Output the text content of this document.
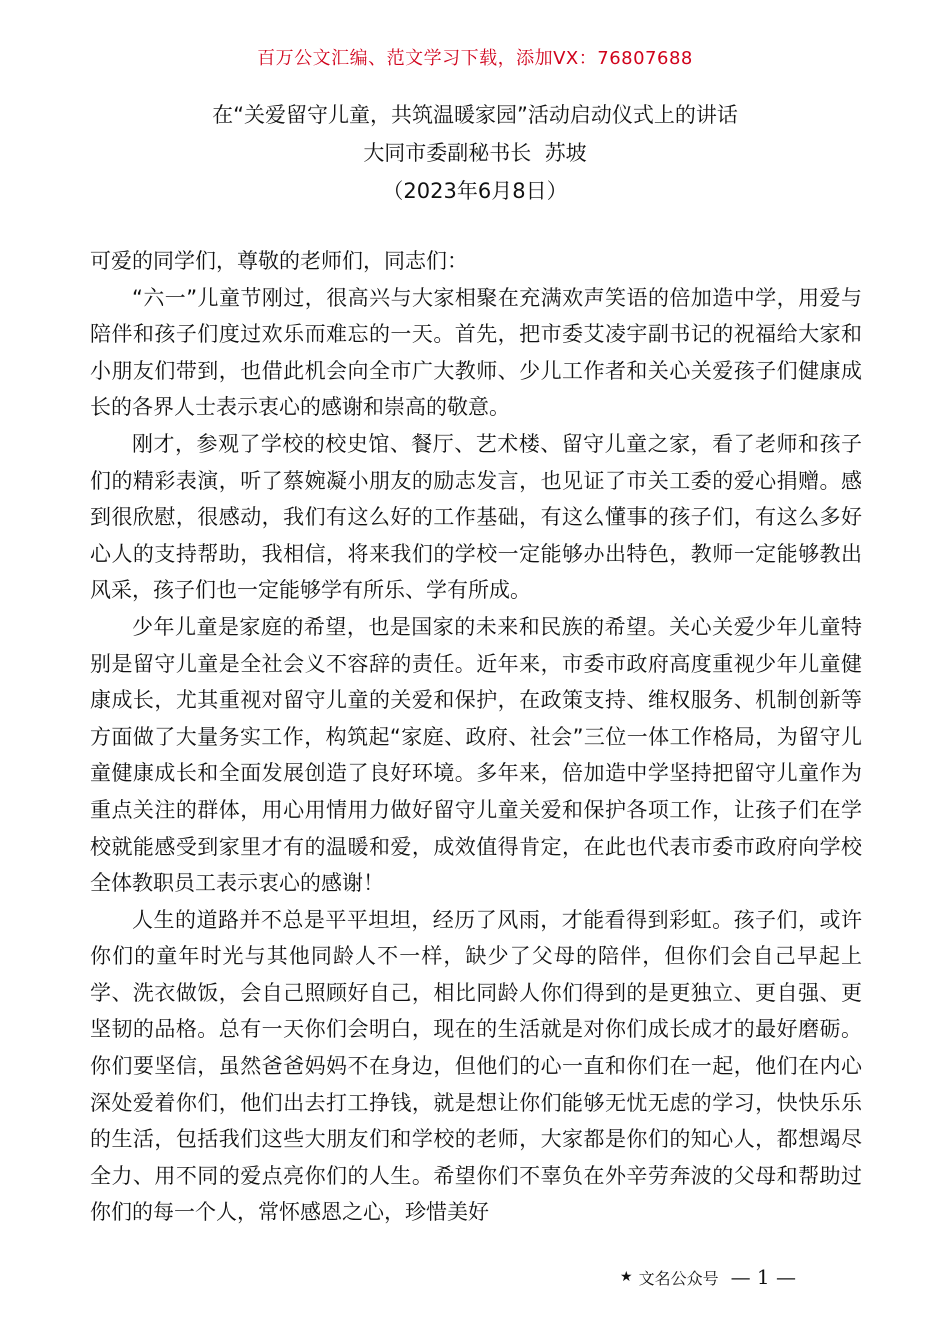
百万公文汇编、范文学习下载，添加VX：76807688
在“关爱留守儿童，共筑温暖家园”活动启动仪式上的讲话
大同市委副秘书长  苏坡
（2023年6月8日）

可爱的同学们，尊敬的老师们，同志们：

“六一”儿童节刚过，很高兴与大家相聚在充满欢声笑语的倍加造中学，用爱与陪伴和孩子们度过欢乐而难忘的一天。首先，把市委艾凌宇副书记的祝福给大家和小朋友们带到，也借此机会向全市广大教师、少儿工作者和关心关爱孩子们健康成长的各界人士表示衷心的感谢和崇高的敬意。

刚才，参观了学校的校史馆、餐厅、艺术楼、留守儿童之家，看了老师和孩子们的精彩表演，听了蔡婉凝小朋友的励志发言，也见证了市关工委的爱心捐赠。感到很欣慰，很感动，我们有这么好的工作基础，有这么懂事的孩子们，有这么多好心人的支持帮助，我相信，将来我们的学校一定能够办出特色，教师一定能够教出风采，孩子们也一定能够学有所乐、学有所成。

少年儿童是家庭的希望，也是国家的未来和民族的希望。关心关爱少年儿童特别是留守儿童是全社会义不容辞的责任。近年来，市委市政府高度重视少年儿童健康成长，尤其重视对留守儿童的关爱和保护，在政策支持、维权服务、机制创新等方面做了大量务实工作，构筑起“家庭、政府、社会”三位一体工作格局，为留守儿童健康成长和全面发展创造了良好环境。多年来，倍加造中学坚持把留守儿童作为重点关注的群体，用心用情用力做好留守儿童关爱和保护各项工作，让孩子们在学校就能感受到家里才有的温暖和爱，成效值得肯定，在此也代表市委市政府向学校全体教职员工表示衷心的感谢！

人生的道路并不总是平平坦坦，经历了风雨，才能看得到彩虹。孩子们，或许你们的童年时光与其他同龄人不一样，缺少了父母的陪伴，但你们会自己早起上学、洗衣做饭，会自己照顾好自己，相比同龄人你们得到的是更独立、更自强、更坚韧的品格。总有一天你们会明白，现在的生活就是对你们成长成才的最好磨砺。你们要坚信，虽然爸爸妈妈不在身边，但他们的心一直和你们在一起，他们在内心深处爱着你们，他们出去打工挣钱，就是想让你们能够无忧无虑的学习，快快乐乐的生活，包括我们这些大朋友们和学校的老师，大家都是你们的知心人，都想竭尽全力、用不同的爱点亮你们的人生。希望你们不辜负在外辛劳奔波的父母和帮助过你们的每一个人，常怀感恩之心，珍惜美好

★ 文名公众号 — 1 —
